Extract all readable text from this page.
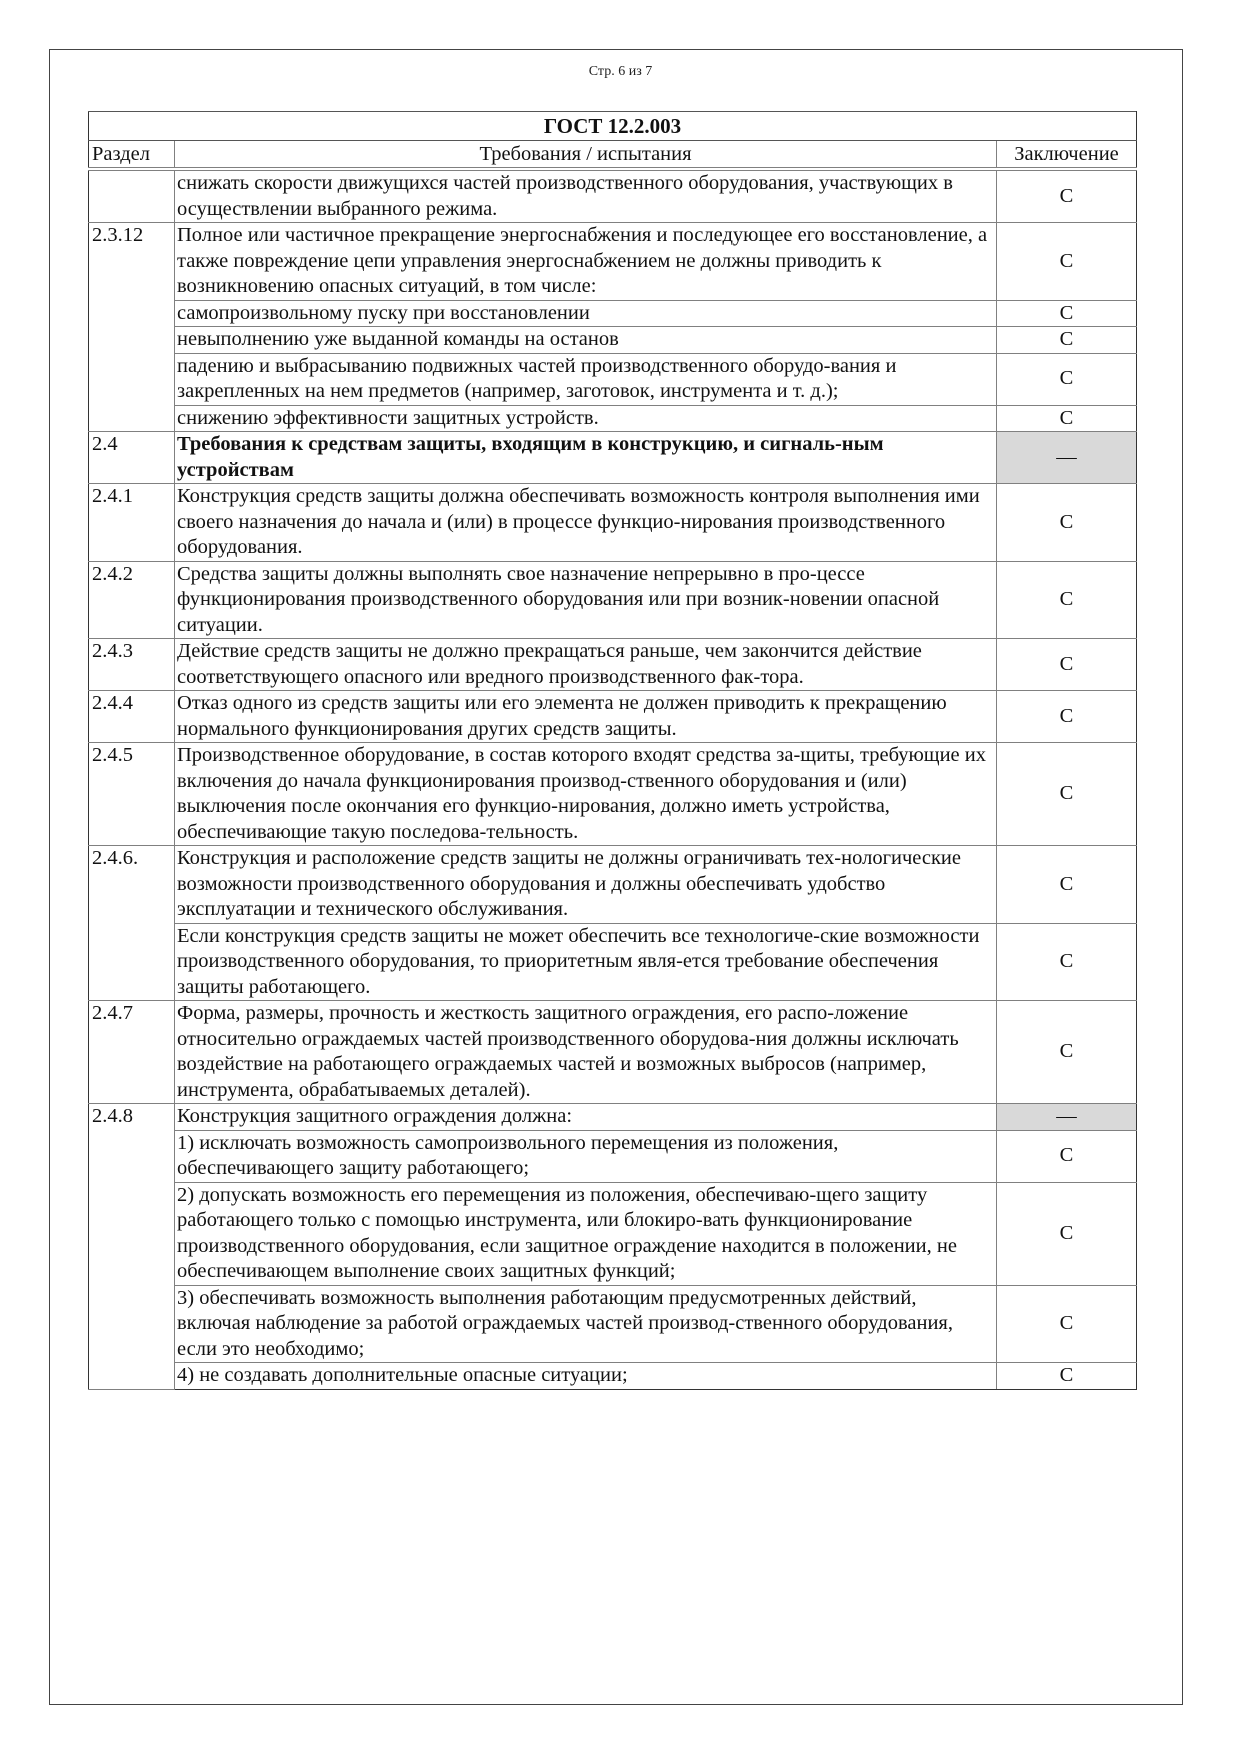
Стр. 6 из 7
ГОСТ 12.2.003		
Раздел	Требования / испытания	Заключение
	снижать скорости движущихся частей производственного оборудования, участвующих в осуществлении выбранного режима.	С
2.3.12	Полное или частичное прекращение энергоснабжения и последующее его восстановление, а также повреждение цепи управления энергоснабжением не должны приводить к возникновению опасных ситуаций, в том числе:	С
	самопроизвольному пуску при восстановлении	С
	невыполнению уже выданной команды на останов	С
	падению и выбрасыванию подвижных частей производственного оборудо-вания и закрепленных на нем предметов (например, заготовок, инструмента и т. д.);	С
	снижению эффективности защитных устройств.	С
2.4	Требования к средствам защиты, входящим в конструкцию, и сигналь-ным устройствам	—
2.4.1	Конструкция средств защиты должна обеспечивать возможность контроля выполнения ими своего назначения до начала и (или) в процессе функцио-нирования производственного оборудования.	С
2.4.2	Средства защиты должны выполнять свое назначение непрерывно в про-цессе функционирования производственного оборудования или при возник-новении опасной ситуации.	С
2.4.3	Действие средств защиты не должно прекращаться раньше, чем закончится действие соответствующего опасного или вредного производственного фак-тора.	С
2.4.4	Отказ одного из средств защиты или его элемента не должен приводить к прекращению нормального функционирования других средств защиты.	С
2.4.5	Производственное оборудование, в состав которого входят средства за-щиты, требующие их включения до начала функционирования производ-ственного оборудования и (или) выключения после окончания его функцио-нирования, должно иметь устройства, обеспечивающие такую последова-тельность.	С
2.4.6.	Конструкция и расположение средств защиты не должны ограничивать тех-нологические возможности производственного оборудования и должны обеспечивать удобство эксплуатации и технического обслуживания.	С
	Если конструкция средств защиты не может обеспечить все технологиче-ские возможности производственного оборудования, то приоритетным явля-ется требование обеспечения защиты работающего.	С
2.4.7	Форма, размеры, прочность и жесткость защитного ограждения, его распо-ложение относительно ограждаемых частей производственного оборудова-ния должны исключать воздействие на работающего ограждаемых частей и возможных выбросов (например, инструмента, обрабатываемых деталей).	С
2.4.8	Конструкция защитного ограждения должна:	—
	1) исключать возможность самопроизвольного перемещения из положения, обеспечивающего защиту работающего;	С
	2) допускать возможность его перемещения из положения, обеспечиваю-щего защиту работающего только с помощью инструмента, или блокиро-вать функционирование производственного оборудования, если защитное ограждение находится в положении, не обеспечивающем выполнение своих защитных функций;	С
	3) обеспечивать возможность выполнения работающим предусмотренных действий, включая наблюдение за работой ограждаемых частей производ-ственного оборудования, если это необходимо;	С
	4) не создавать дополнительные опасные ситуации;	С
